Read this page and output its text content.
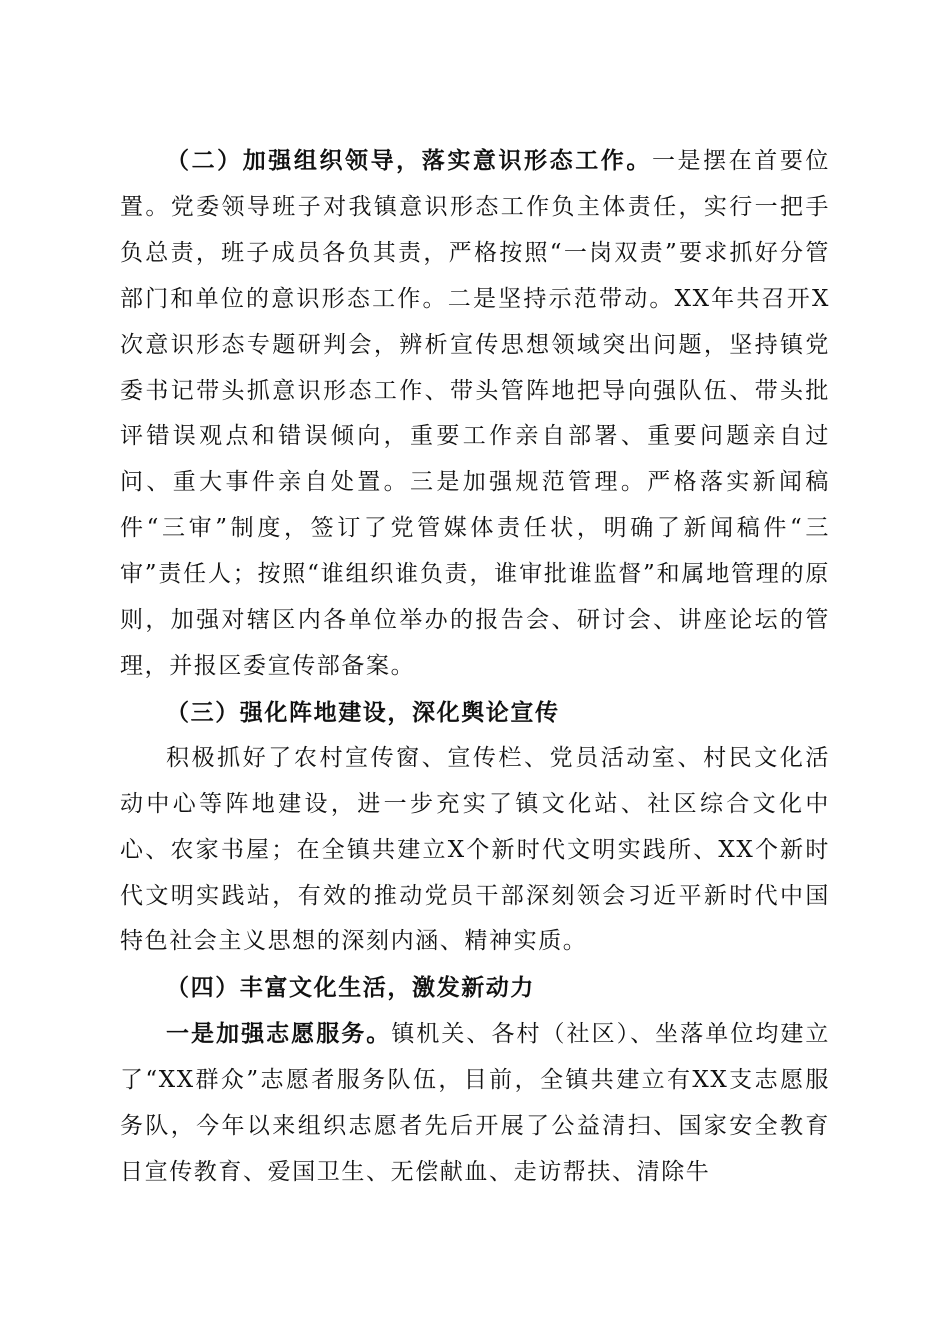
（二）加强组织领导，落实意识形态工作。一是摆在首要位置。党委领导班子对我镇意识形态工作负主体责任，实行一把手负总责，班子成员各负其责，严格按照“一岗双责”要求抓好分管部门和单位的意识形态工作。二是坚持示范带动。XX年共召开X次意识形态专题研判会，辨析宣传思想领域突出问题，坚持镇党委书记带头抓意识形态工作、带头管阵地把导向强队伍、带头批评错误观点和错误倾向，重要工作亲自部署、重要问题亲自过问、重大事件亲自处置。三是加强规范管理。严格落实新闻稿件“三审”制度，签订了党管媒体责任状，明确了新闻稿件“三审”责任人；按照“谁组织谁负责，谁审批谁监督”和属地管理的原则，加强对辖区内各单位举办的报告会、研讨会、讲座论坛的管理，并报区委宣传部备案。

（三）强化阵地建设，深化舆论宣传

积极抓好了农村宣传窗、宣传栏、党员活动室、村民文化活动中心等阵地建设，进一步充实了镇文化站、社区综合文化中心、农家书屋；在全镇共建立X个新时代文明实践所、XX个新时代文明实践站，有效的推动党员干部深刻领会习近平新时代中国特色社会主义思想的深刻内涵、精神实质。

（四）丰富文化生活，激发新动力

一是加强志愿服务。镇机关、各村（社区）、坐落单位均建立了“XX群众”志愿者服务队伍，目前，全镇共建立有XX支志愿服务队，今年以来组织志愿者先后开展了公益清扫、国家安全教育日宣传教育、爱国卫生、无偿献血、走访帮扶、清除牛
